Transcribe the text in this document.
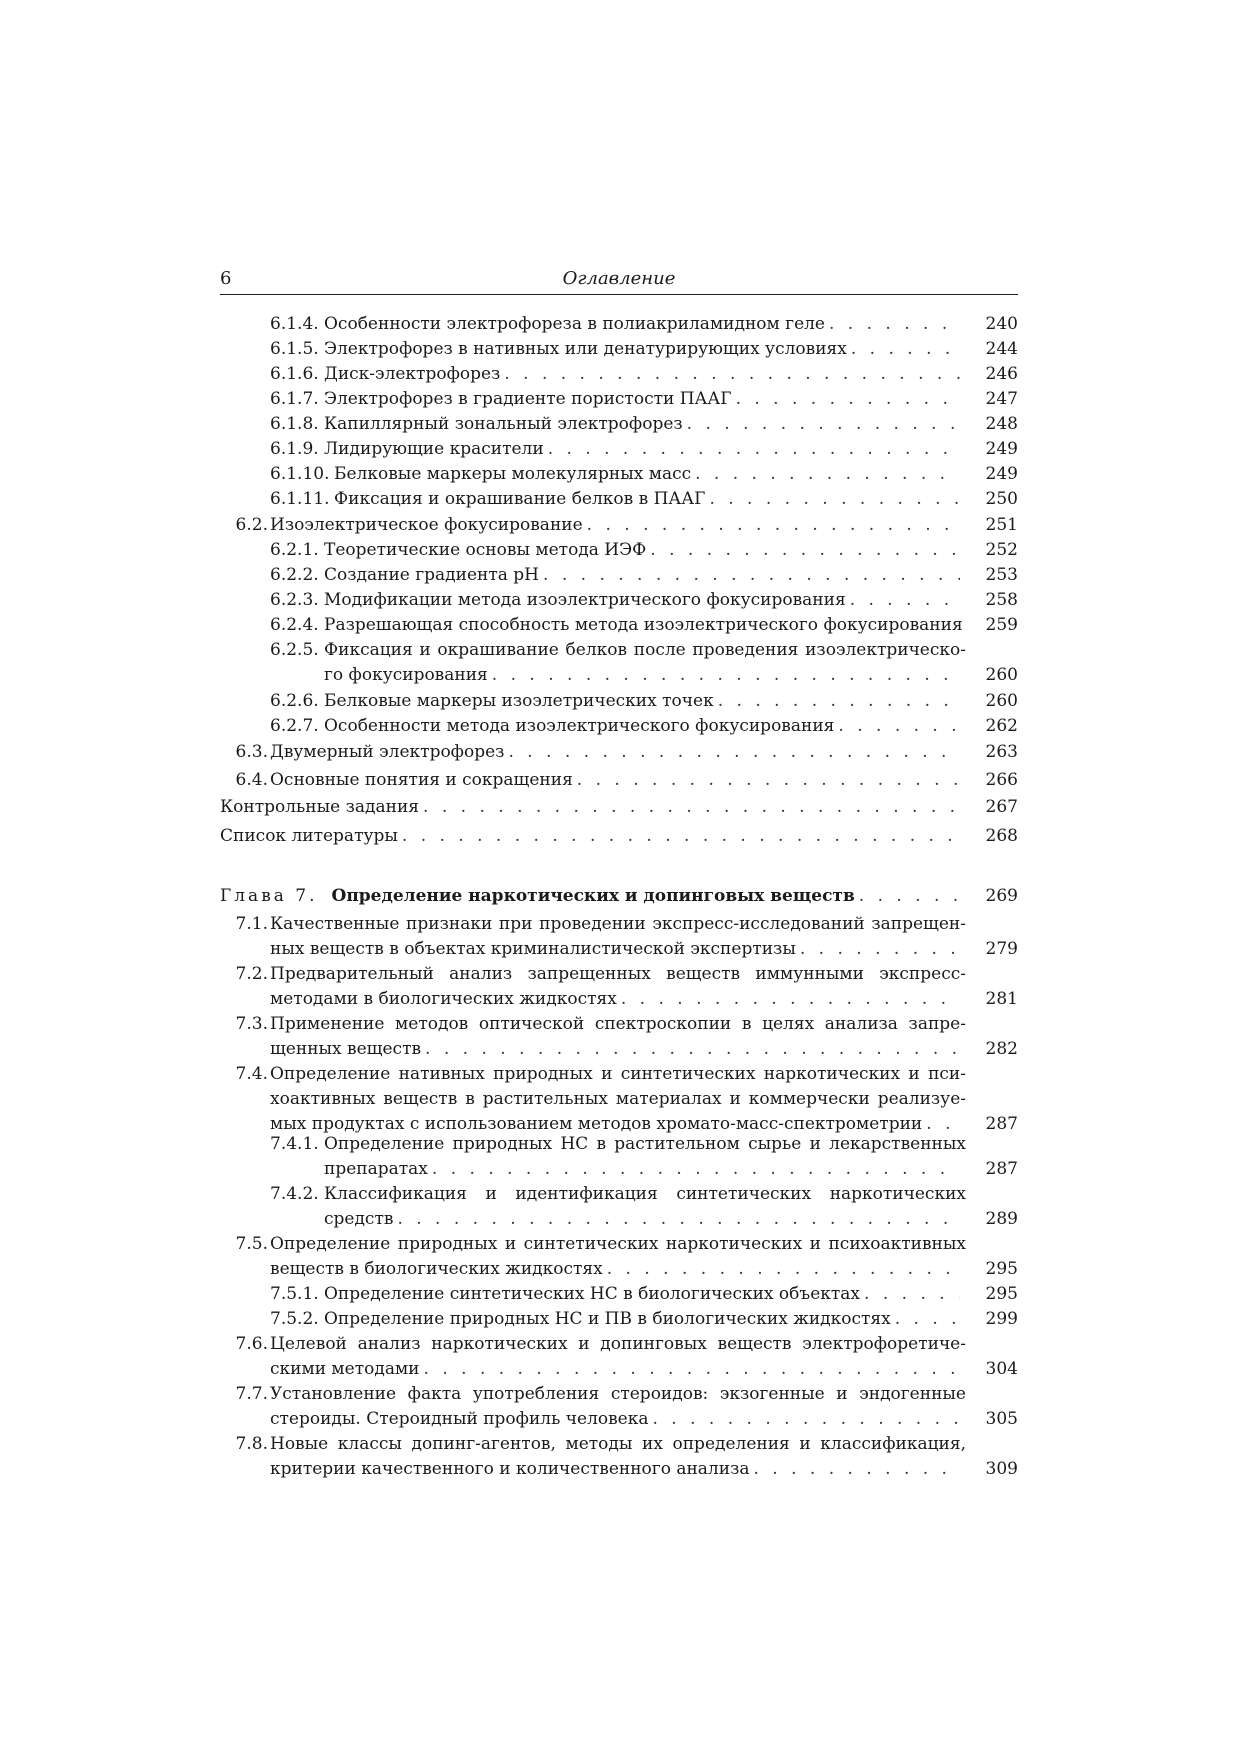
6	Оглавление
6.1.4. Особенности электрофореза в полиакриламидном геле . . .	240
6.1.5. Электрофорез в нативных или денатурирующих условиях . . .	244
6.1.6. Диск-электрофорез . . .	246
6.1.7. Электрофорез в градиенте пористости ПААГ . . .	247
6.1.8. Капиллярный зональный электрофорез . . .	248
6.1.9. Лидирующие красители . . .	249
6.1.10. Белковые маркеры молекулярных масс . . .	249
6.1.11. Фиксация и окрашивание белков в ПААГ . . .	250
6.2. Изоэлектрическое фокусирование . . .	251
6.2.1. Теоретические основы метода ИЭФ . . .	252
6.2.2. Создание градиента pH . . .	253
6.2.3. Модификации метода изоэлектрического фокусирования . . .	258
6.2.4. Разрешающая способность метода изоэлектрического фокусирования	259
6.2.5. Фиксация и окрашивание белков после проведения изоэлектрическо-
го фокусирования . . .	260
6.2.6. Белковые маркеры изоэлетрических точек . . .	260
6.2.7. Особенности метода изоэлектрического фокусирования . . .	262
6.3. Двумерный электрофорез . . .	263
6.4. Основные понятия и сокращения . . .	266
Контрольные задания . . .	267
Список литературы . . .	268
Глава 7. Определение наркотических и допинговых веществ . . .	269
7.1. Качественные признаки при проведении экспресс-исследований запрещен-
ных веществ в объектах криминалистической экспертизы . . .	279
7.2. Предварительный анализ запрещенных веществ иммунными экспресс-
методами в биологических жидкостях . . .	281
7.3. Применение методов оптической спектроскопии в целях анализа запре-
щенных веществ . . .	282
7.4. Определение нативных природных и синтетических наркотических и пси-
хоактивных веществ в растительных материалах и коммерчески реализуе-
мых продуктах с использованием методов хромато-масс-спектрометрии . . .	287
7.4.1. Определение природных НС в растительном сырье и лекарственных
препаратах . . .	287
7.4.2. Классификация и идентификация синтетических наркотических
средств . . .	289
7.5. Определение природных и синтетических наркотических и психоактивных
веществ в биологических жидкостях . . .	295
7.5.1. Определение синтетических НС в биологических объектах . . .	295
7.5.2. Определение природных НС и ПВ в биологических жидкостях . . .	299
7.6. Целевой анализ наркотических и допинговых веществ электрофоретиче-
скими методами . . .	304
7.7. Установление факта употребления стероидов: экзогенные и эндогенные
стероиды. Стероидный профиль человека . . .	305
7.8. Новые классы допинг-агентов, методы их определения и классификация,
критерии качественного и количественного анализа . . .	309
